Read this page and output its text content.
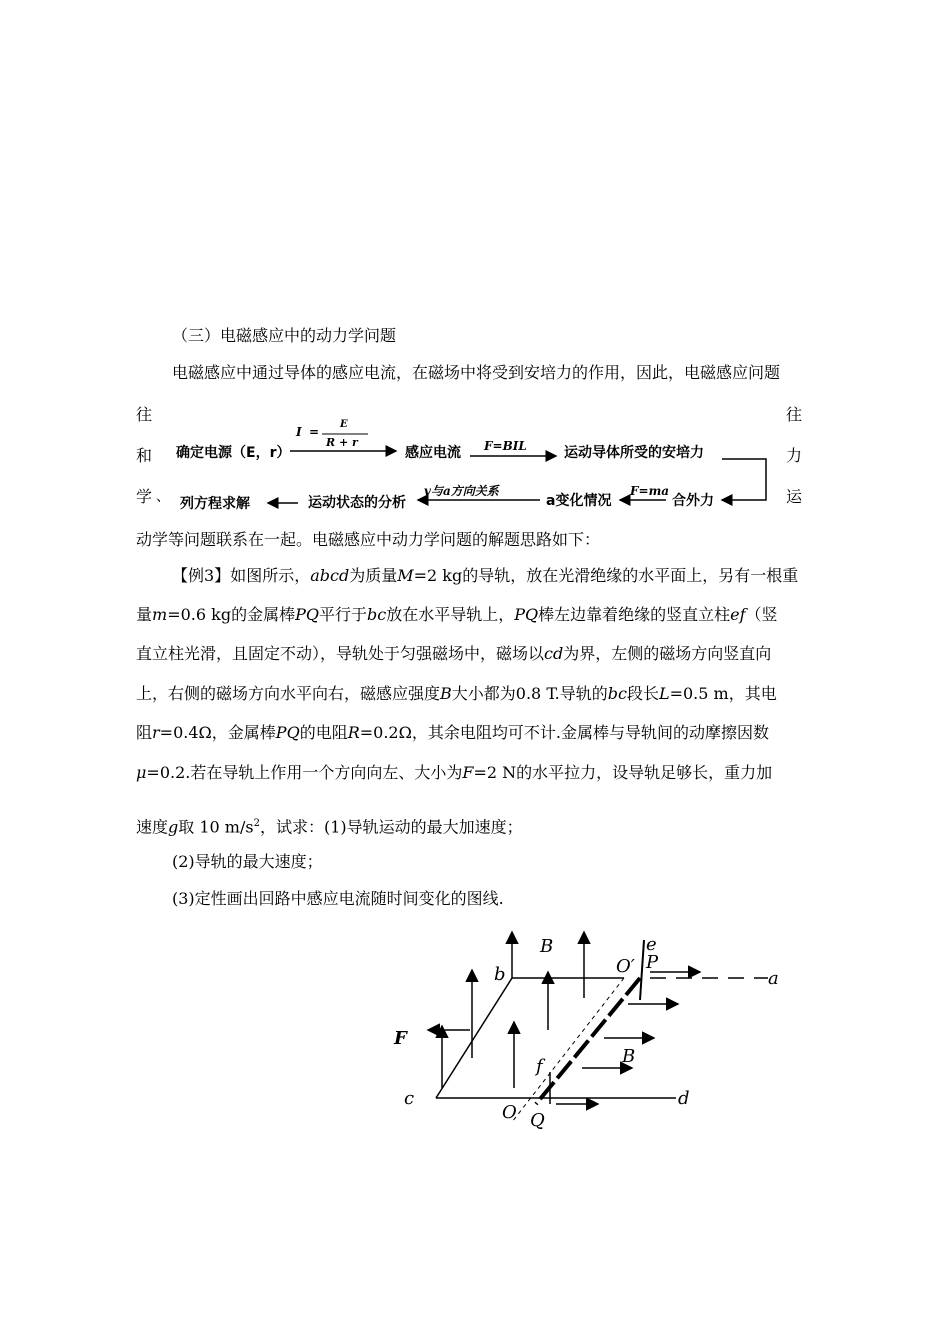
（三）电磁感应中的动力学问题
电磁感应中通过导体的感应电流，在磁场中将受到安培力的作用，因此，电磁感应问题
往
和
学
往
力
运
确定电源（E，r）
I =
E
R + r
感应电流 F=BIL	运动导体所受的安培力
合外力
F=ma
a变化情况
v与a方向关系
运动状态的分析
列方程求解
、
动学等问题联系在一起。电磁感应中动力学问题的解题思路如下：
【例3】如图所示，abcd为质量M=2 kg的导轨，放在光滑绝缘的水平面上，另有一根重
量m=0.6 kg的金属棒PQ平行于bc放在水平导轨上，PQ棒左边靠着绝缘的竖直立柱ef（竖
直立柱光滑，且固定不动），导轨处于匀强磁场中，磁场以cd为界，左侧的磁场方向竖直向
上，右侧的磁场方向水平向右，磁感应强度B大小都为0.8 T.导轨的bc段长L=0.5 m，其电
阻r=0.4Ω，金属棒PQ的电阻R=0.2Ω，其余电阻均可不计.金属棒与导轨间的动摩擦因数
μ=0.2.若在导轨上作用一个方向向左、大小为F=2 N的水平拉力，设导轨足够长，重力加
速度g取 10 $m/s^2$，试求：(1)导轨运动的最大加速度；
(2)导轨的最大速度；
(3)定性画出回路中感应电流随时间变化的图线.
B
B
F
b
c	d
a
e
f
P
Q
O′
O
